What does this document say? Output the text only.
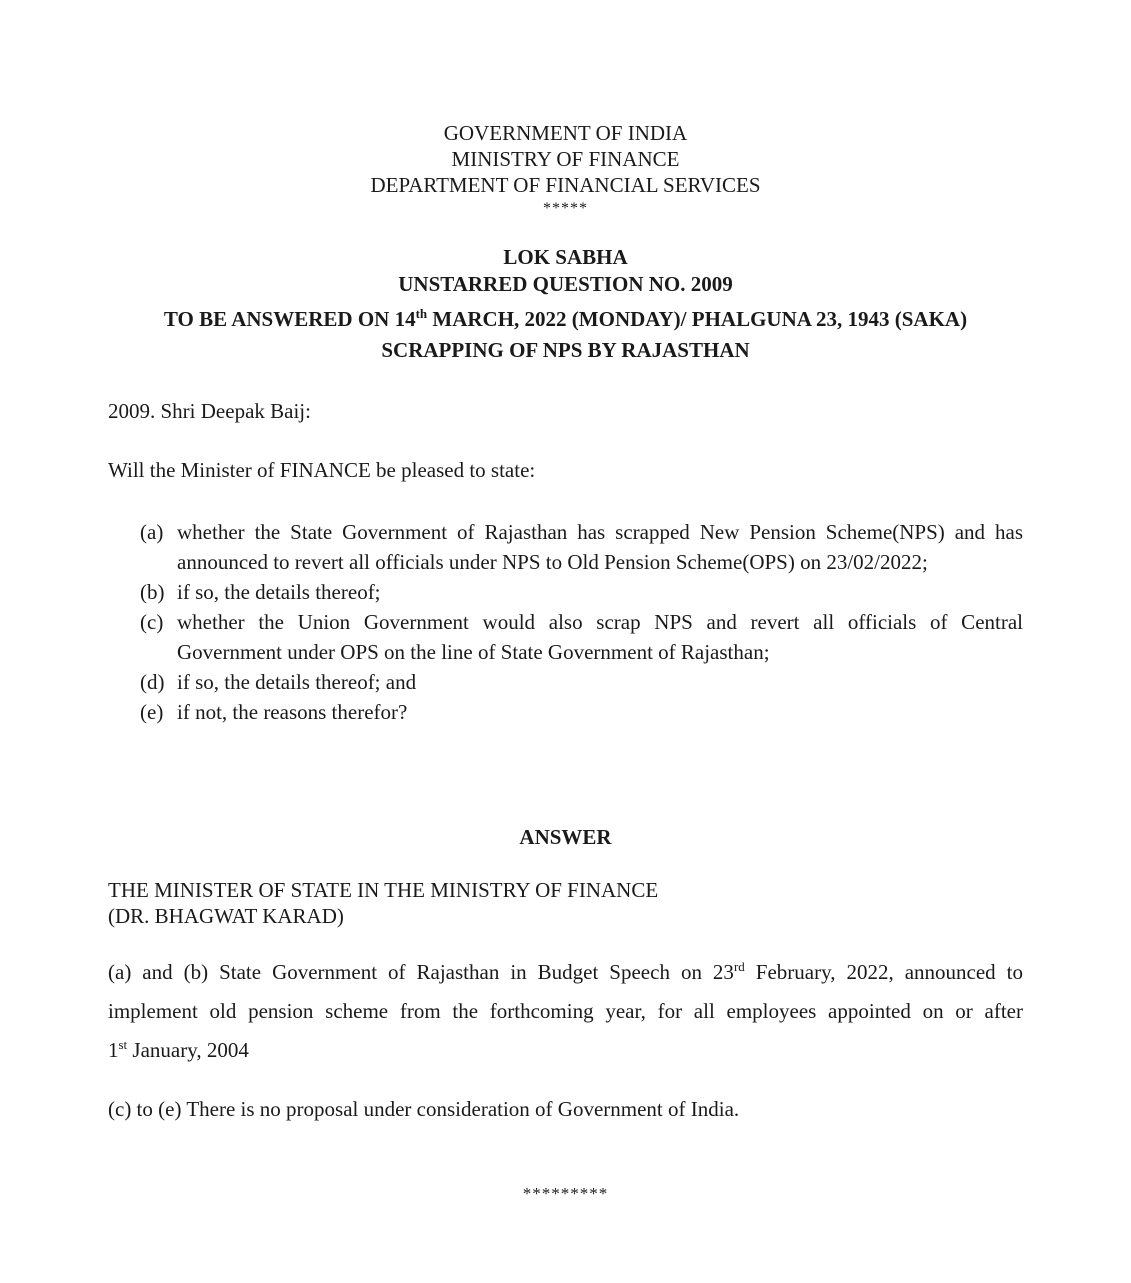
GOVERNMENT OF INDIA
MINISTRY OF FINANCE
DEPARTMENT OF FINANCIAL SERVICES
*****
LOK SABHA
UNSTARRED QUESTION NO. 2009
TO BE ANSWERED ON 14th MARCH, 2022 (MONDAY)/ PHALGUNA 23, 1943 (SAKA)
SCRAPPING OF NPS BY RAJASTHAN
2009. Shri Deepak Baij:
Will the Minister of FINANCE be pleased to state:
(a) whether the State Government of Rajasthan has scrapped New Pension Scheme(NPS) and has announced to revert all officials under NPS to Old Pension Scheme(OPS) on 23/02/2022;
(b) if so, the details thereof;
(c) whether the Union Government would also scrap NPS and revert all officials of Central Government under OPS on the line of State Government of Rajasthan;
(d) if so, the details thereof; and
(e) if not, the reasons therefor?
ANSWER
THE MINISTER OF STATE IN THE MINISTRY OF FINANCE
(DR. BHAGWAT KARAD)
(a) and (b) State Government of Rajasthan in Budget Speech on 23rd February, 2022, announced to
implement old pension scheme from the forthcoming year, for all employees appointed on or after
1st January, 2004
(c) to (e) There is no proposal under consideration of Government of India.
*********
